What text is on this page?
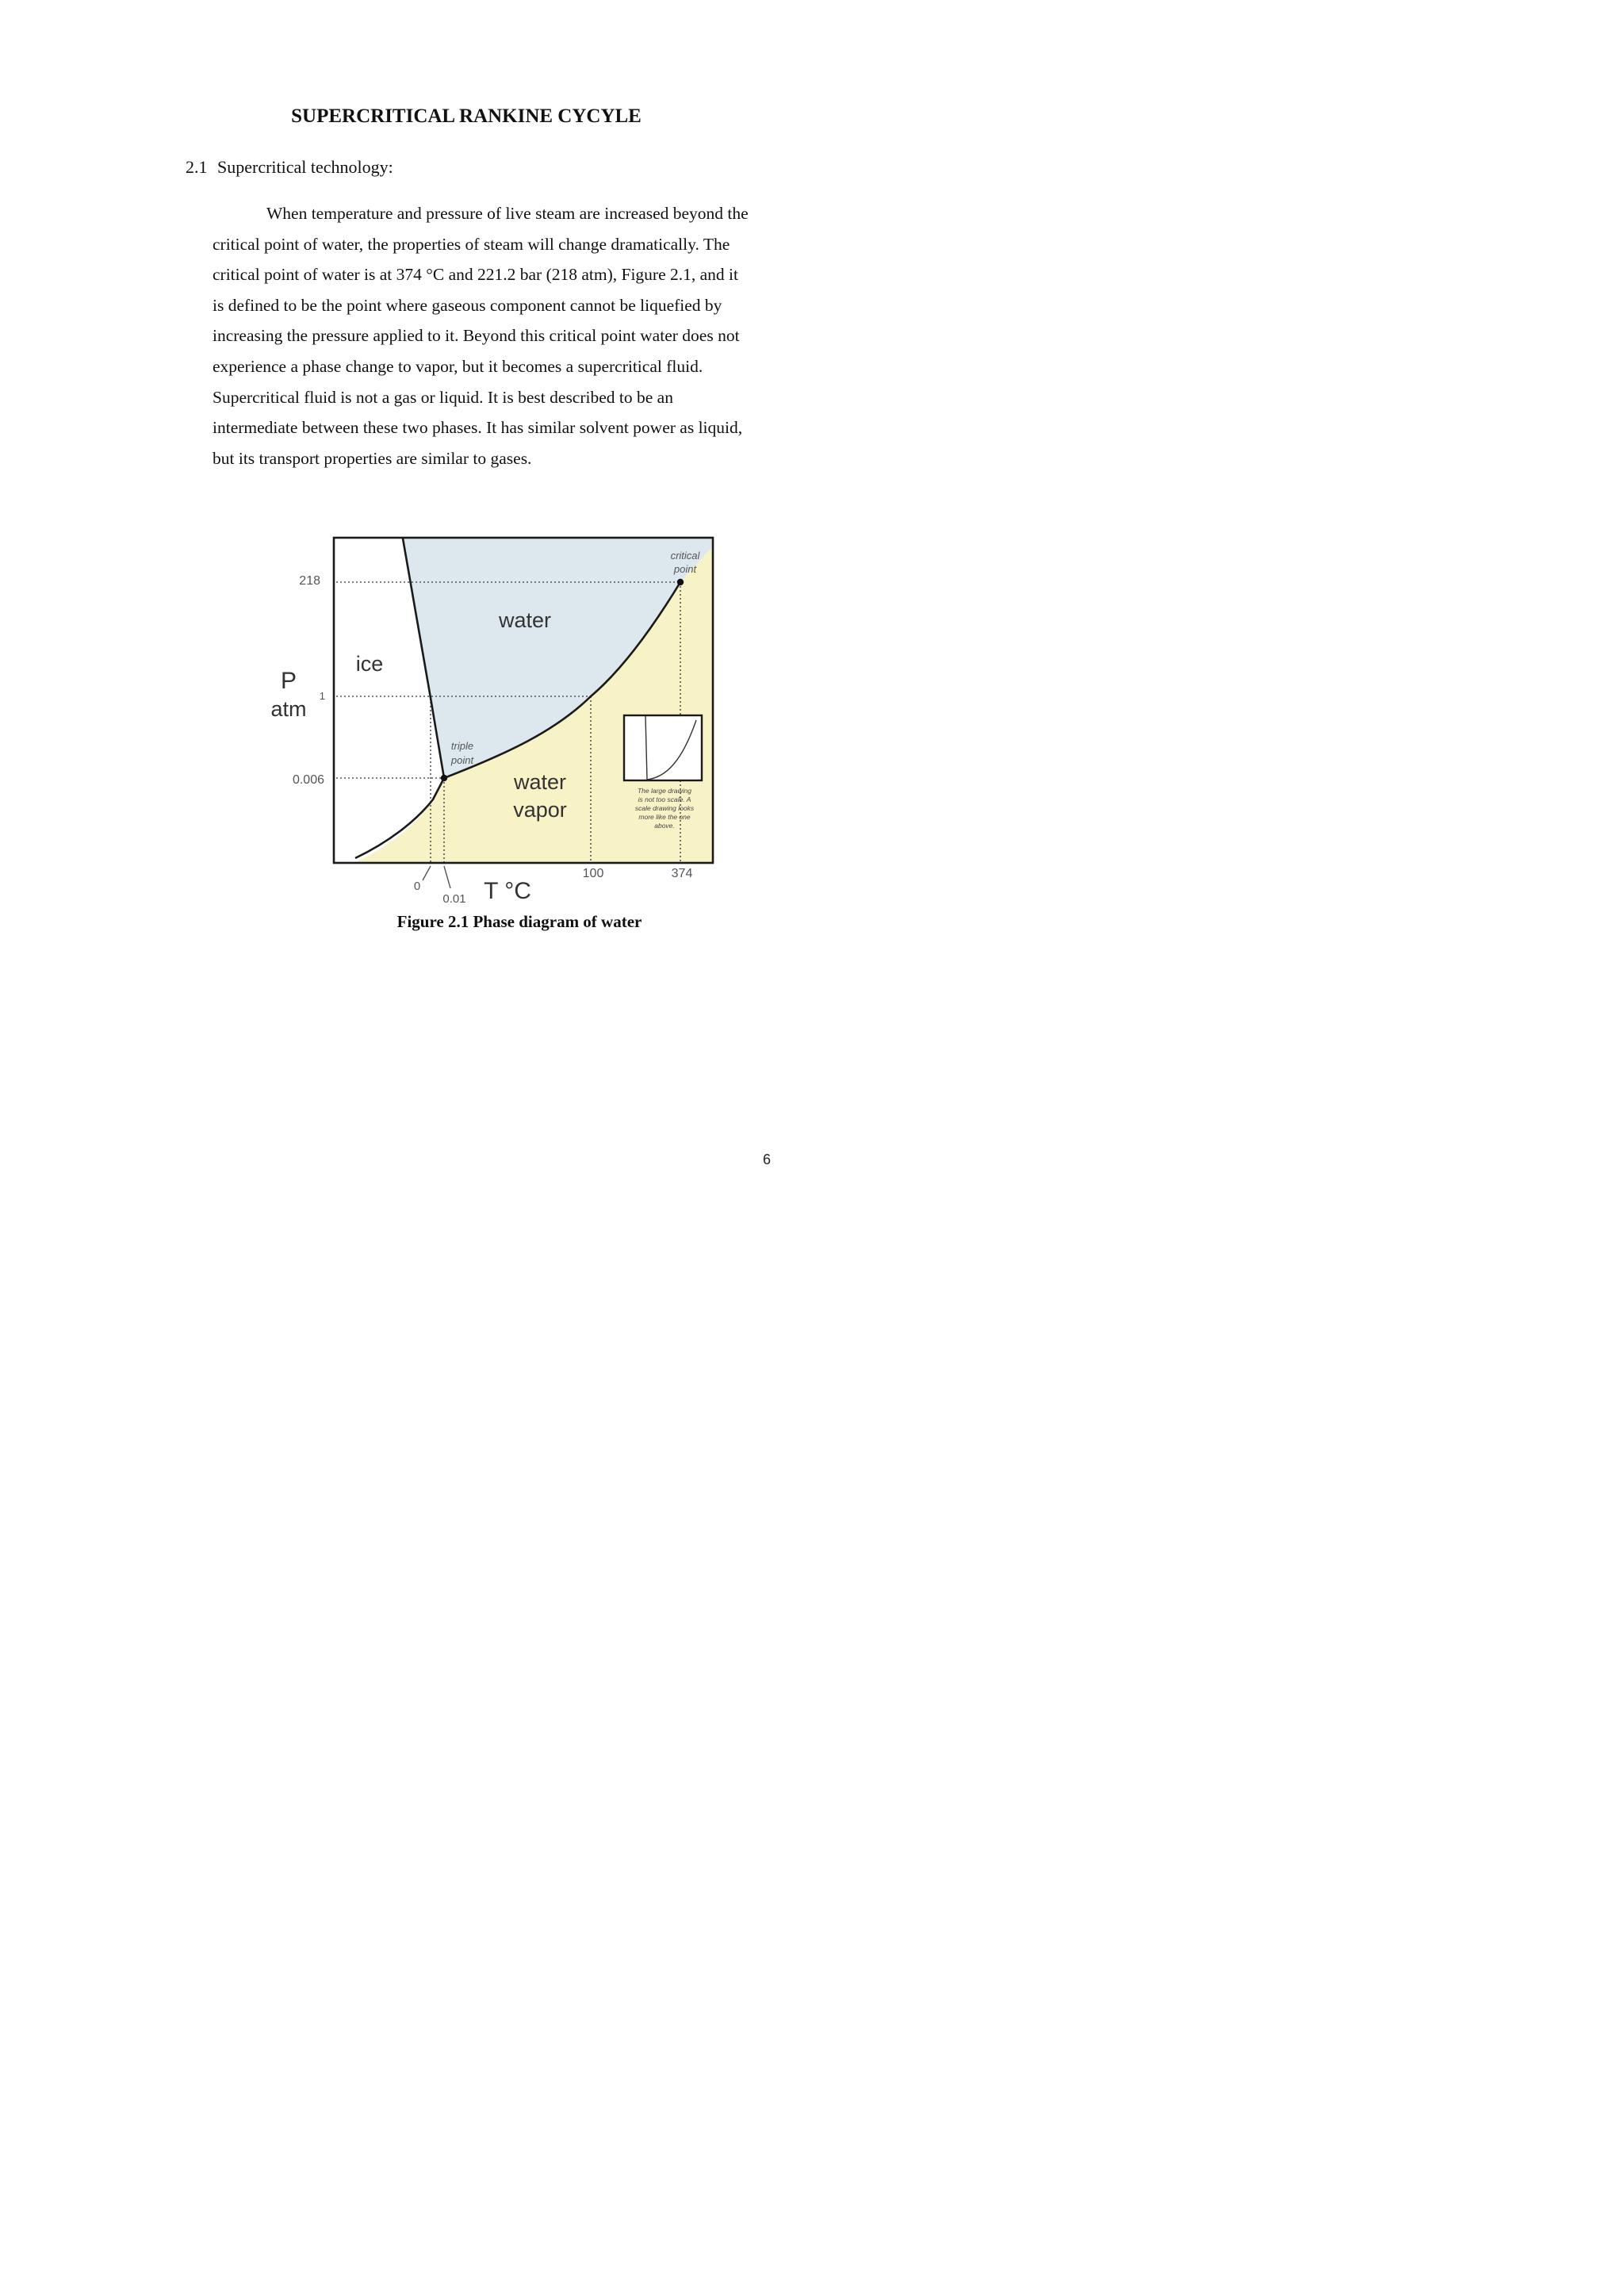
SUPERCRITICAL RANKINE CYCYLE
2.1 Supercritical technology:
When temperature and pressure of live steam are increased beyond the
critical point of water, the properties of steam will change dramatically. The
critical point of water is at 374 °C and 221.2 bar (218 atm), Figure 2.1, and it
is defined to be the point where gaseous component cannot be liquefied by
increasing the pressure applied to it. Beyond this critical point water does not
experience a phase change to vapor, but it becomes a supercritical fluid.
Supercritical fluid is not a gas or liquid. It is best described to be an
intermediate between these two phases. It has similar solvent power as liquid,
but its transport properties are similar to gases.
water
ice
water
vapor
critical
point
triple
point
218
1
0.006
P
atm
0
0.01
100	374
T °C
The large drawing
is not too scale. A
scale drawing looks
more like the one
above.
Figure 2.1 Phase diagram of water
6
